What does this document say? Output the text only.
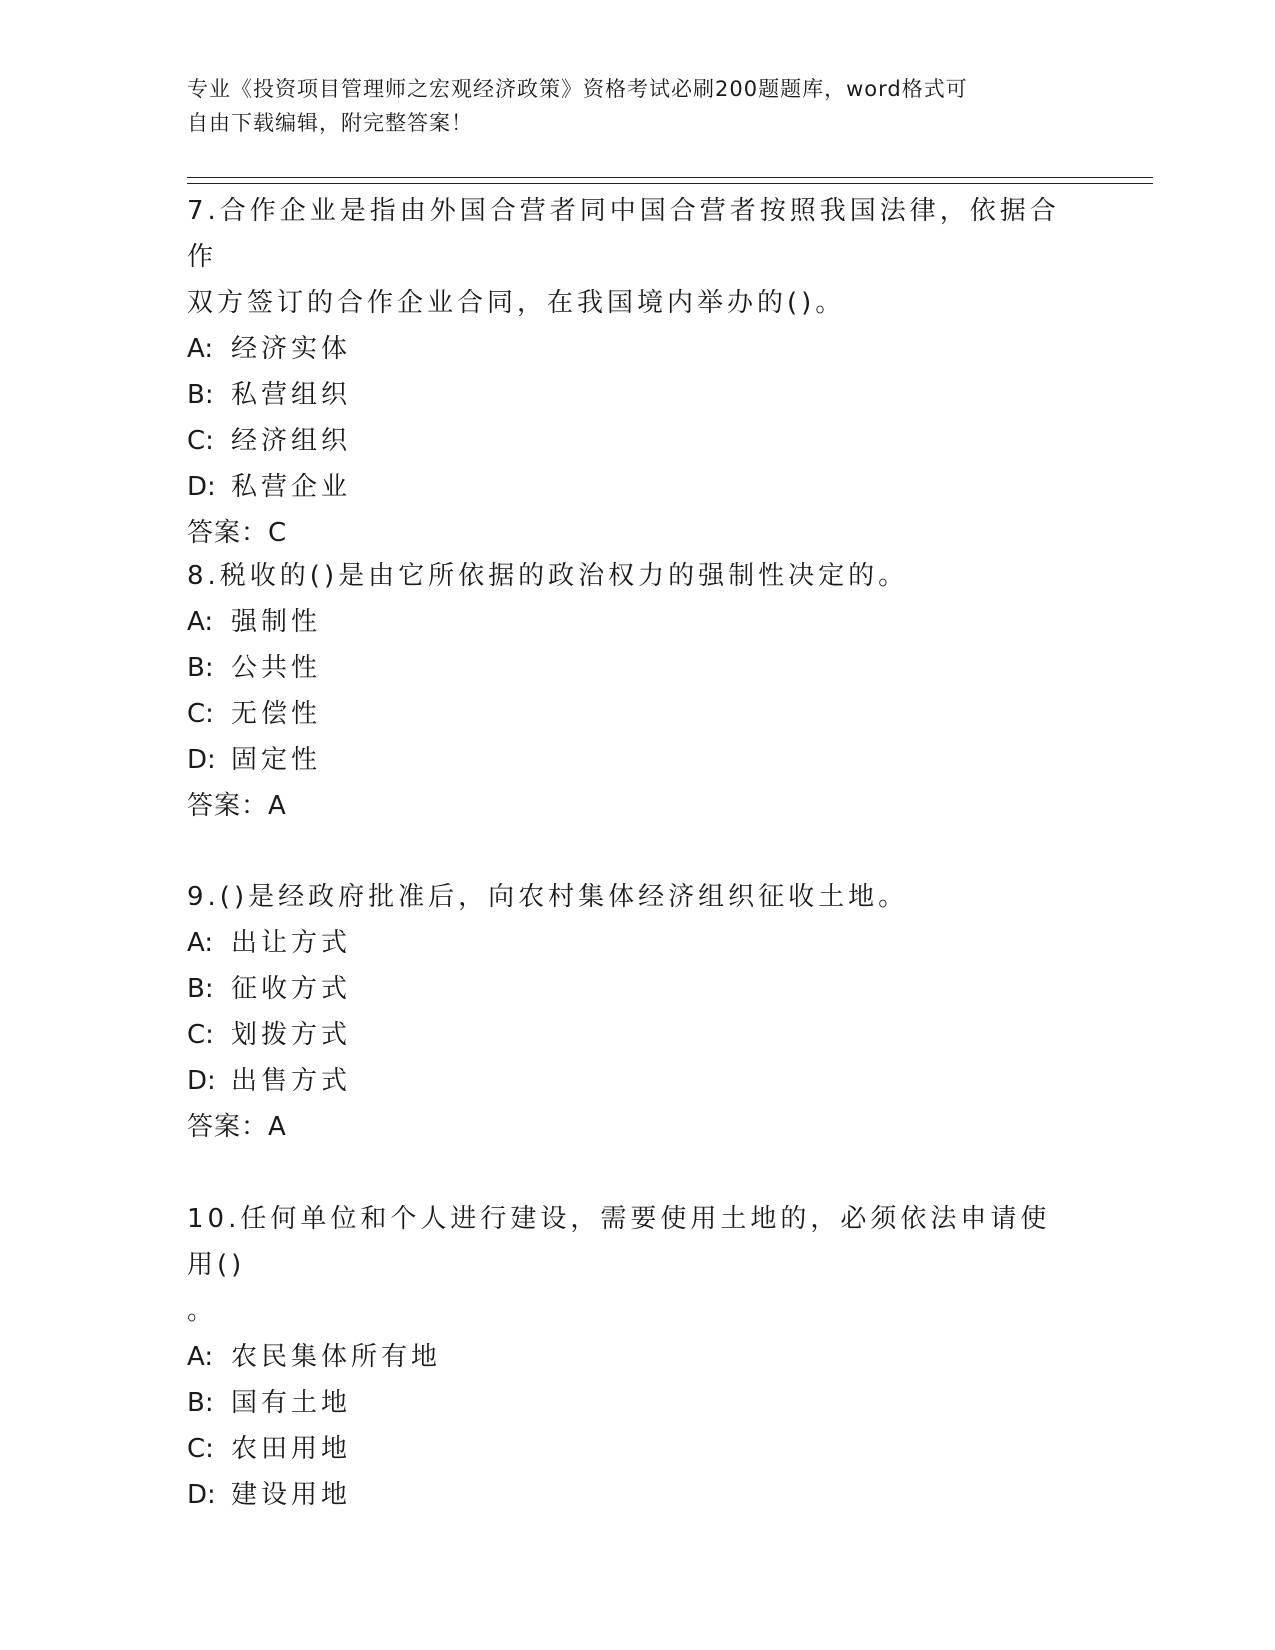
专业《投资项目管理师之宏观经济政策》资格考试必刷200题题库，word格式可
自由下载编辑，附完整答案！

7.合作企业是指由外国合营者同中国合营者按照我国法律，依据合作

双方签订的合作企业合同，在我国境内举办的()。

A: 经济实体

B: 私营组织

C: 经济组织

D: 私营企业

答案：C

8.税收的()是由它所依据的政治权力的强制性决定的。

A: 强制性

B: 公共性

C: 无偿性

D: 固定性

答案：A

9.()是经政府批准后，向农村集体经济组织征收土地。

A: 出让方式

B: 征收方式

C: 划拨方式

D: 出售方式

答案：A

10.任何单位和个人进行建设，需要使用土地的，必须依法申请使用()

。

A: 农民集体所有地

B: 国有土地

C: 农田用地

D: 建设用地
